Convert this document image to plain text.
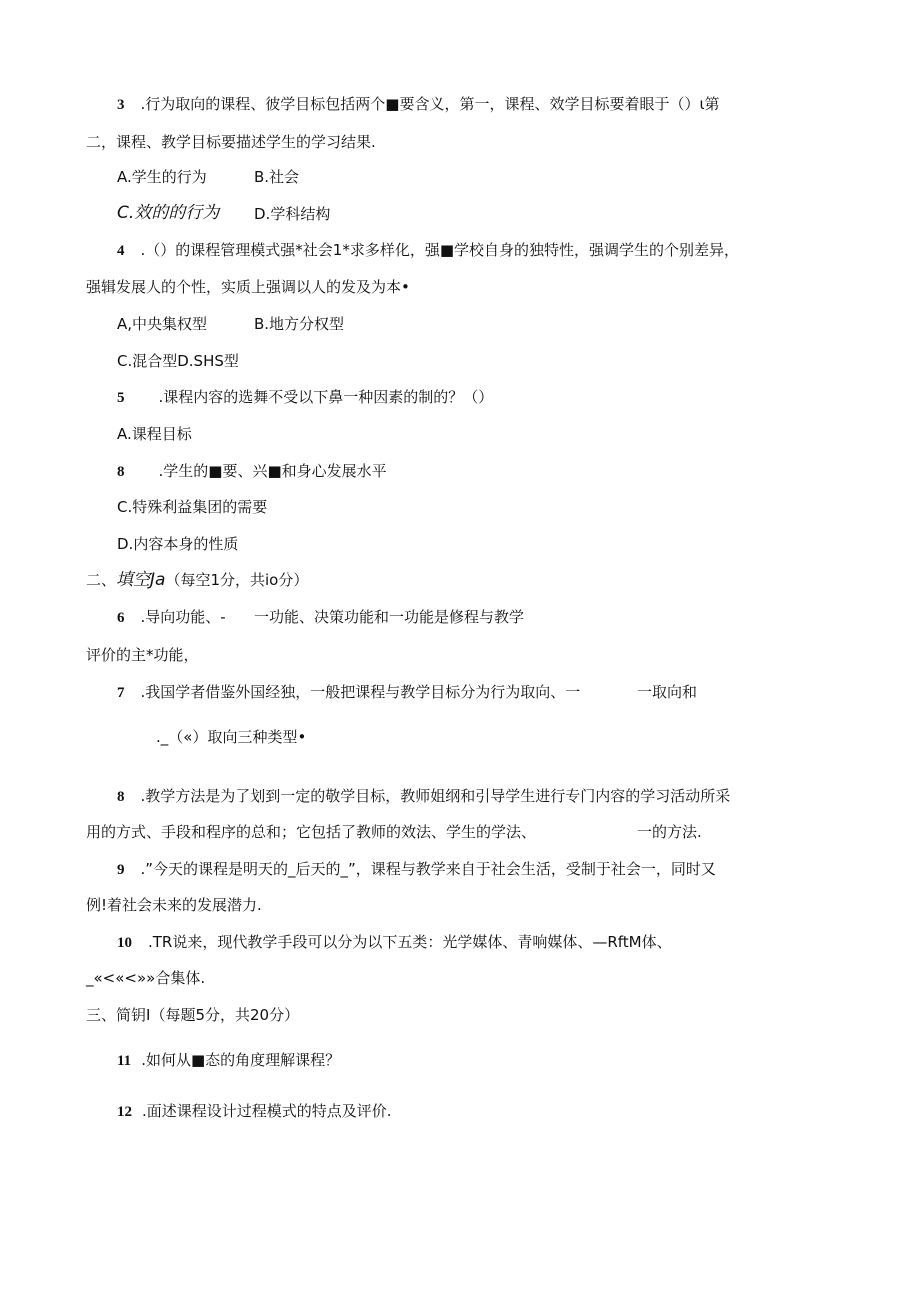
3 .行为取向的课程、彼学目标包括两个■要含义，第一，课程、效学目标要着眼于（）ι第
二，课程、教学目标要描述学生的学习结果.
A.学生的行为	B.社会
C.效的的行为 D.学科结构
4 .（）的课程管理模式强*社会1*求多样化，强■学校自身的独特性，强调学生的个别差异，
强辑发展人的个性，实质上强调以人的发及为本•
A,中央集权型	B.地方分权型
C.混合型D.SHS型
5 .课程内容的选舞不受以下鼻一种因素的制的？（）
A.课程目标
8 .学生的■要、兴■和身心发展水平
C.特殊利益集团的需要
D.内容本身的性质
二、填空Ja（每空1分，共io分）
6 .导向功能、- 一功能、决策功能和一功能是修程与教学
评价的主*功能，
7 .我国学者借鉴外国经独，一般把课程与教学目标分为行为取向、一	一取向和
._（«）取向三种类型•
8 .教学方法是为了划到一定的敬学目标，教师姐纲和引导学生进行专门内容的学习活动所采
用的方式、手段和程序的总和；它包括了教师的效法、学生的学法、	一的方法.
9 .”今天的课程是明天的_后天的_”，课程与教学来自于社会生活，受制于社会一，同时又
例!着社会未来的发展潜力.
10 .TR说来，现代教学手段可以分为以下五类：光学媒体、青响媒体、—RftM体、
_«<«<»»合集体.
三、简钥I（每题5分，共20分）
11 .如何从■态的角度理解课程？
12 .面述课程设计过程模式的特点及评价.
